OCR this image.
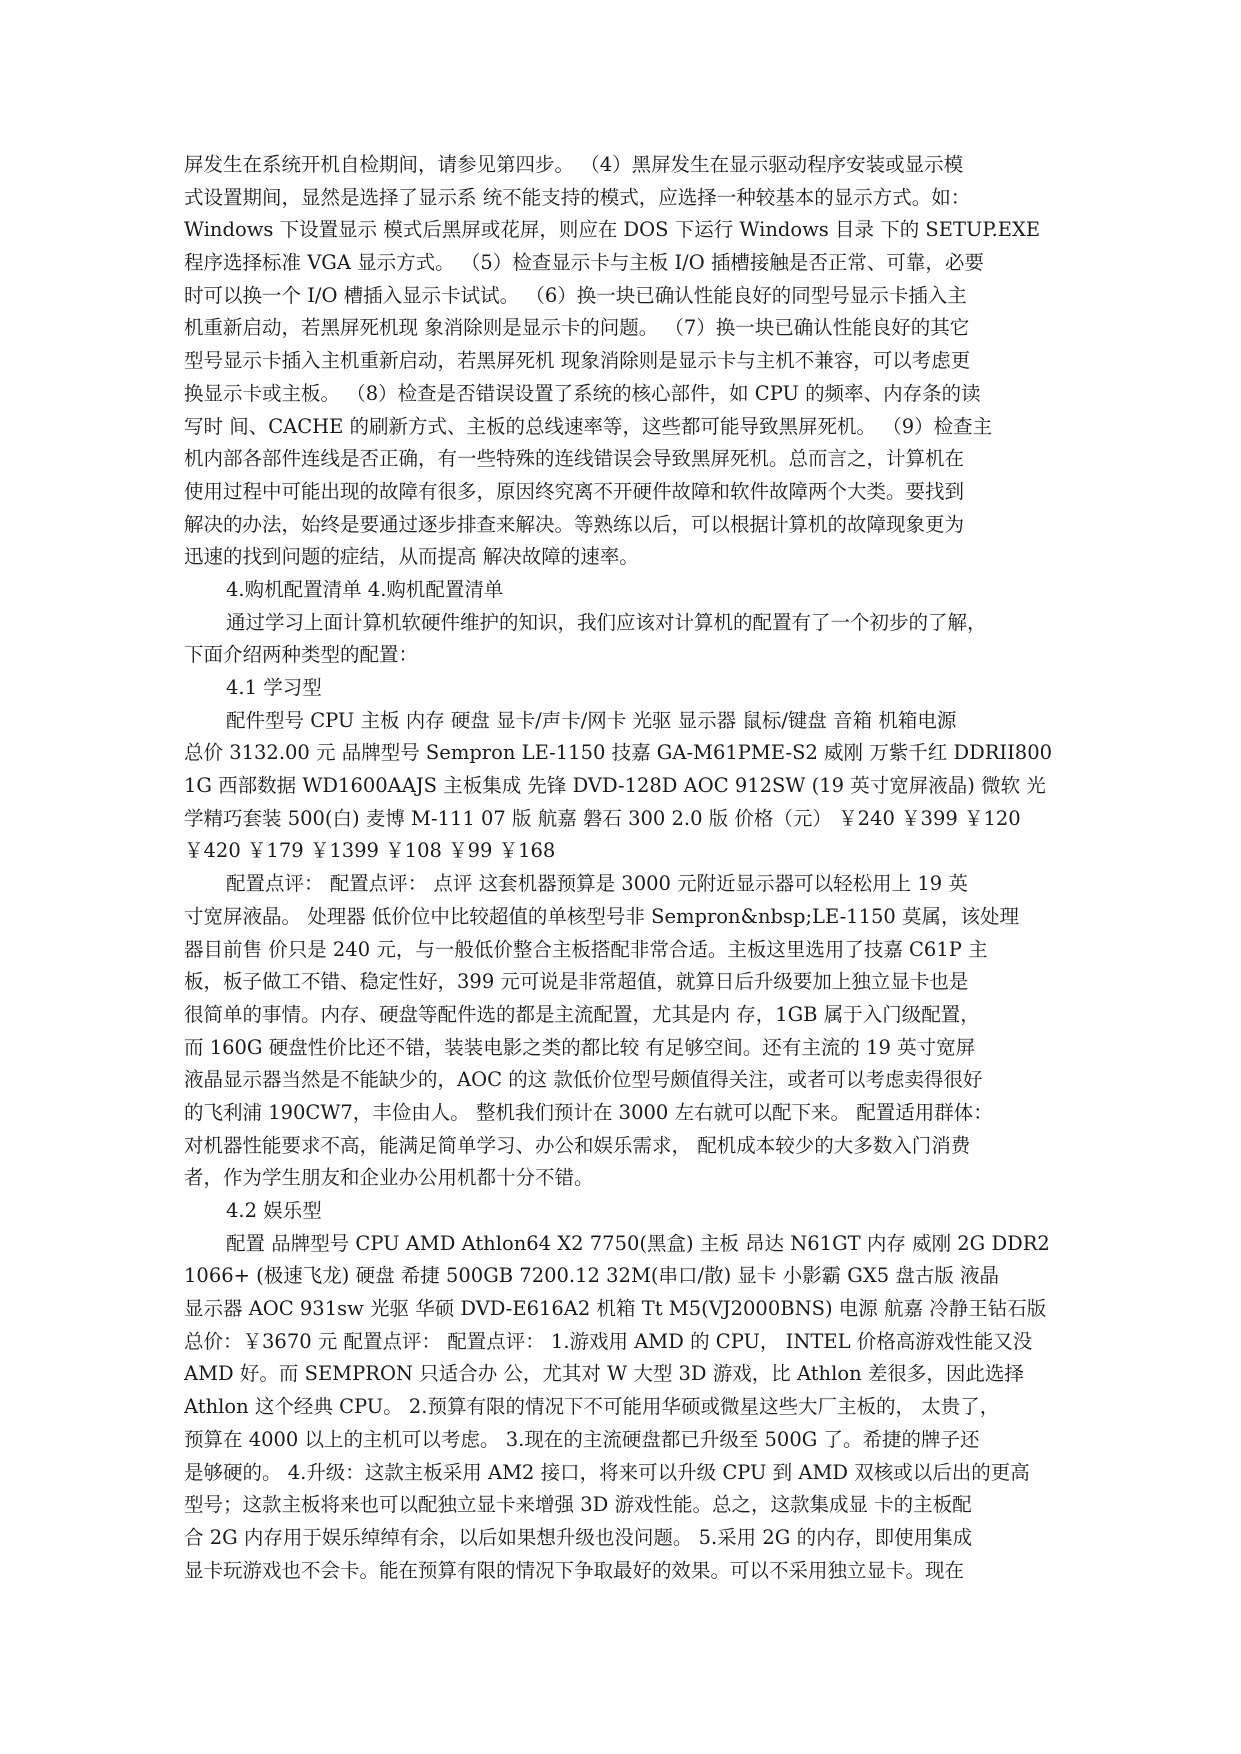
屏发生在系统开机自检期间，请参见第四步。 （4）黑屏发生在显示驱动程序安装或显示模
式设置期间，显然是选择了显示系 统不能支持的模式，应选择一种较基本的显示方式。如：
Windows 下设置显示 模式后黑屏或花屏，则应在 DOS 下运行 Windows 目录 下的 SETUP.EXE
程序选择标准 VGA 显示方式。 （5）检查显示卡与主板 I/O 插槽接触是否正常、可靠，必要
时可以换一个 I/O 槽插入显示卡试试。 （6）换一块已确认性能良好的同型号显示卡插入主
机重新启动，若黑屏死机现 象消除则是显示卡的问题。 （7）换一块已确认性能良好的其它
型号显示卡插入主机重新启动，若黑屏死机 现象消除则是显示卡与主机不兼容，可以考虑更
换显示卡或主板。 （8）检查是否错误设置了系统的核心部件，如 CPU 的频率、内存条的读
写时 间、CACHE 的刷新方式、主板的总线速率等，这些都可能导致黑屏死机。 （9）检查主
机内部各部件连线是否正确，有一些特殊的连线错误会导致黑屏死机。总而言之，计算机在
使用过程中可能出现的故障有很多，原因终究离不开硬件故障和软件故障两个大类。要找到
解决的办法，始终是要通过逐步排查来解决。等熟练以后，可以根据计算机的故障现象更为
迅速的找到问题的症结，从而提高 解决故障的速率。
4.购机配置清单 4.购机配置清单
通过学习上面计算机软硬件维护的知识，我们应该对计算机的配置有了一个初步的了解，
下面介绍两种类型的配置：
4.1 学习型
配件型号 CPU 主板 内存 硬盘 显卡/声卡/网卡 光驱 显示器 鼠标/键盘 音箱 机箱电源
总价 3132.00 元 品牌型号 Sempron LE-1150 技嘉 GA-M61PME-S2 威刚 万紫千红 DDRII800
1G 西部数据 WD1600AAJS 主板集成 先锋 DVD-128D AOC 912SW (19 英寸宽屏液晶) 微软 光
学精巧套装 500(白) 麦博 M-111 07 版 航嘉 磐石 300 2.0 版 价格（元） ￥240 ￥399 ￥120
￥420 ￥179 ￥1399 ￥108 ￥99 ￥168
配置点评： 配置点评： 点评 这套机器预算是 3000 元附近显示器可以轻松用上 19 英
寸宽屏液晶。 处理器 低价位中比较超值的单核型号非 Sempron&nbsp;LE-1150 莫属，该处理
器目前售 价只是 240 元，与一般低价整合主板搭配非常合适。主板这里选用了技嘉 C61P 主
板，板子做工不错、稳定性好，399 元可说是非常超值，就算日后升级要加上独立显卡也是
很简单的事情。内存、硬盘等配件选的都是主流配置，尤其是内 存，1GB 属于入门级配置，
而 160G 硬盘性价比还不错，装装电影之类的都比较 有足够空间。还有主流的 19 英寸宽屏
液晶显示器当然是不能缺少的，AOC 的这 款低价位型号颇值得关注，或者可以考虑卖得很好
的飞利浦 190CW7，丰俭由人。 整机我们预计在 3000 左右就可以配下来。 配置适用群体：
对机器性能要求不高，能满足简单学习、办公和娱乐需求， 配机成本较少的大多数入门消费
者，作为学生朋友和企业办公用机都十分不错。
4.2 娱乐型
配置 品牌型号 CPU AMD Athlon64 X2 7750(黑盒) 主板 昂达 N61GT 内存 威刚 2G DDR2
1066+ (极速飞龙) 硬盘 希捷 500GB 7200.12 32M(串口/散) 显卡 小影霸 GX5 盘古版 液晶
显示器 AOC 931sw 光驱 华硕 DVD-E616A2 机箱 Tt M5(VJ2000BNS) 电源 航嘉 冷静王钻石版
总价：￥3670 元 配置点评： 配置点评： 1.游戏用 AMD 的 CPU， INTEL 价格高游戏性能又没
AMD 好。而 SEMPRON 只适合办 公，尤其对 W 大型 3D 游戏，比 Athlon 差很多，因此选择
Athlon 这个经典 CPU。 2.预算有限的情况下不可能用华硕或微星这些大厂主板的， 太贵了，
预算在 4000 以上的主机可以考虑。 3.现在的主流硬盘都已升级至 500G 了。希捷的牌子还
是够硬的。 4.升级：这款主板采用 AM2 接口，将来可以升级 CPU 到 AMD 双核或以后出的更高
型号；这款主板将来也可以配独立显卡来增强 3D 游戏性能。总之，这款集成显 卡的主板配
合 2G 内存用于娱乐绰绰有余，以后如果想升级也没问题。 5.采用 2G 的内存，即使用集成
显卡玩游戏也不会卡。能在预算有限的情况下争取最好的效果。可以不采用独立显卡。现在
